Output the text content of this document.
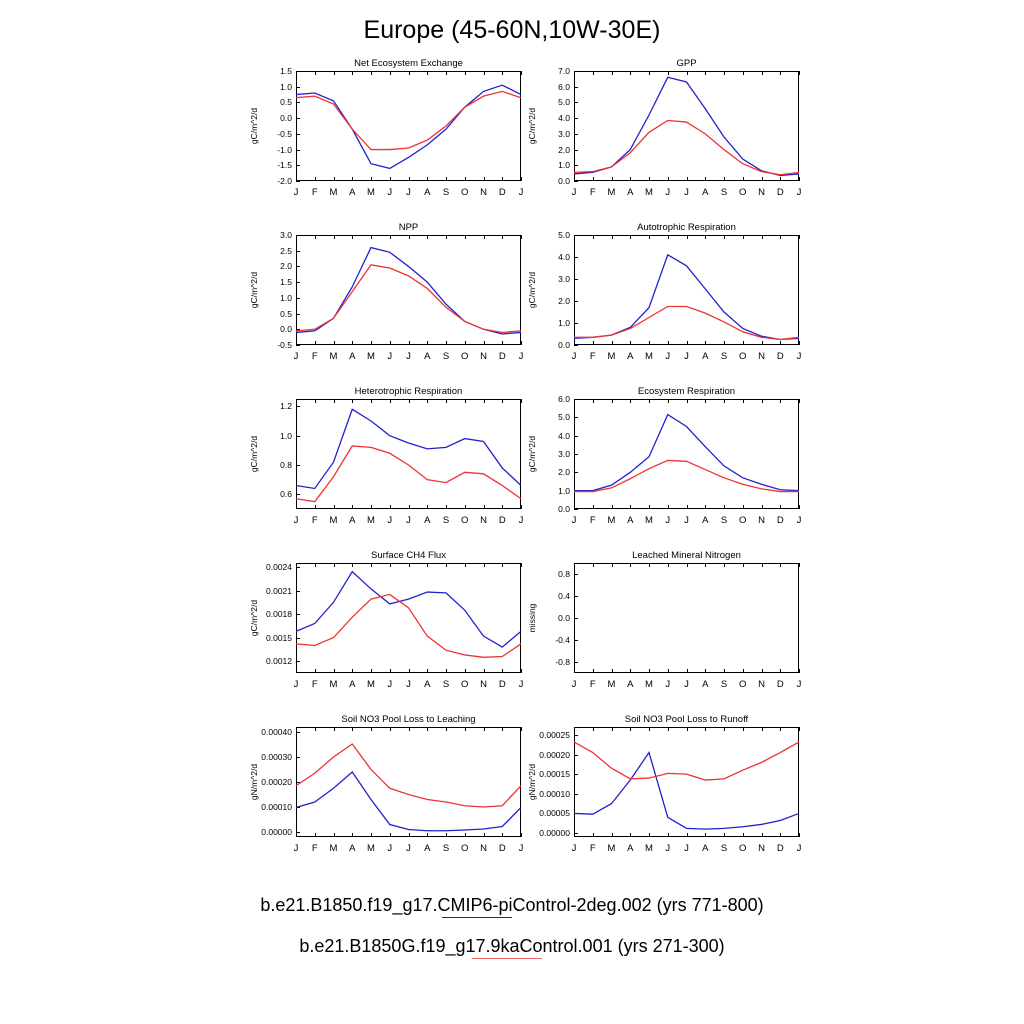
Europe (45-60N,10W-30E)
Net Ecosystem Exchange
gC/m^2/d
-2.0
-1.5
-1.0
-0.5
0.0
0.5
1.0
1.5
J F M A M J J A S O N D J
GPP
gC/m^2/d
0.0
1.0
2.0
3.0
4.0
5.0
6.0
7.0
J F M A M J J A S O N D J
NPP
gC/m^2/d
-0.5
0.0
0.5
1.0
1.5
2.0
2.5
3.0
J F M A M J J A S O N D J
Autotrophic Respiration
gC/m^2/d
0.0
1.0
2.0
3.0
4.0
5.0
J F M A M J J A S O N D J
Heterotrophic Respiration
gC/m^2/d
0.6
0.8
1.0
1.2
J F M A M J J A S O N D J
Ecosystem Respiration
gC/m^2/d
0.0
1.0
2.0
3.0
4.0
5.0
6.0
J F M A M J J A S O N D J
Surface CH4 Flux
gC/m^2/d
0.0012
0.0015
0.0018
0.0021
0.0024
J F M A M J J A S O N D J
Leached Mineral Nitrogen
missing
-0.8
-0.4
0.0
0.4
0.8
J F M A M J J A S O N D J
Soil NO3 Pool Loss to Leaching
gN/m^2/d
0.00000
0.00010
0.00020
0.00030
0.00040
J F M A M J J A S O N D J
Soil NO3 Pool Loss to Runoff
gN/m^2/d
0.00000
0.00005
0.00010
0.00015
0.00020
0.00025
J F M A M J J A S O N D J
b.e21.B1850.f19_g17.CMIP6-piControl-2deg.002 (yrs 771-800)
b.e21.B1850G.f19_g17.9kaControl.001 (yrs 271-300)
